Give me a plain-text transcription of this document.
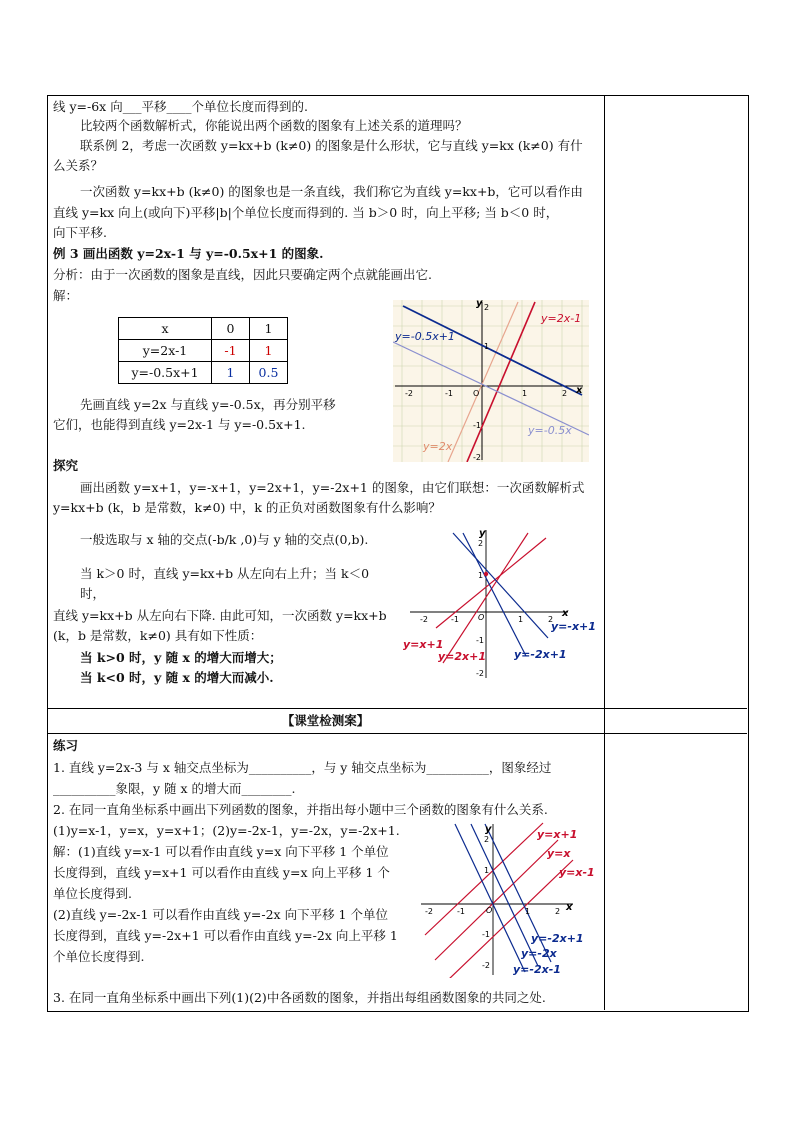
线 y=-6x 向___平移____个单位长度而得到的.
比较两个函数解析式，你能说出两个函数的图象有上述关系的道理吗？
联系例 2，考虑一次函数 y=kx+b (k≠0) 的图象是什么形状，它与直线 y=kx (k≠0) 有什
么关系？
一次函数 y=kx+b (k≠0) 的图象也是一条直线，我们称它为直线 y=kx+b，它可以看作由
直线 y=kx 向上(或向下)平移|b|个单位长度而得到的. 当 b＞0 时，向上平移; 当 b＜0 时，
向下平移.
例 3 画出函数 y=2x-1 与 y=-0.5x+1 的图象.
分析：由于一次函数的图象是直线，因此只要确定两个点就能画出它.
解：
x	0	1
y=2x-1	-1	1
y=-0.5x+1	1	0.5
先画直线 y=2x 与直线 y=-0.5x，再分别平移
它们，也能得到直线 y=2x-1 与 y=-0.5x+1.
y=-0.5x+1
y=2x-1
y=2x
y=-0.5x
x
y
O
-2	-1	1	2
2
1
-1
-2
探究
画出函数 y=x+1，y=-x+1，y=2x+1，y=-2x+1 的图象，由它们联想：一次函数解析式
y=kx+b (k，b 是常数，k≠0) 中，k 的正负对函数图象有什么影响？
一般选取与 x 轴的交点(-b/k ,0)与 y 轴的交点(0,b).
当 k＞0 时，直线 y=kx+b 从左向右上升；当 k＜0
时，
直线 y=kx+b 从左向右下降. 由此可知，一次函数 y=kx+b
(k，b 是常数，k≠0) 具有如下性质：
当 k>0 时，y 随 x 的增大而增大；
当 k<0 时，y 随 x 的增大而减小.
y=x+1
y=2x+1	y=-2x+1
y=-x+1
x
y
O
-2	-1	1	2
2
1
-1
-2
【课堂检测案】
练习
1. 直线 y=2x-3 与 x 轴交点坐标为__________，与 y 轴交点坐标为__________，图象经过
__________象限，y 随 x 的增大而________.
2. 在同一直角坐标系中画出下列函数的图象，并指出每小题中三个函数的图象有什么关系.
(1)y=x-1，y=x，y=x+1；(2)y=-2x-1，y=-2x，y=-2x+1.
解：(1)直线 y=x-1 可以看作由直线 y=x 向下平移 1 个单位
长度得到，直线 y=x+1 可以看作由直线 y=x 向上平移 1 个
单位长度得到.
(2)直线 y=-2x-1 可以看作由直线 y=-2x 向下平移 1 个单位
长度得到，直线 y=-2x+1 可以看作由直线 y=-2x 向上平移 1
个单位长度得到.
3. 在同一直角坐标系中画出下列(1)(2)中各函数的图象，并指出每组函数图象的共同之处.
y=x+1
y=x
y=x-1
y=-2x+1
y=-2x
y=-2x-1
x
y
O
-2	-1	1	2
2
1
-1
-2
